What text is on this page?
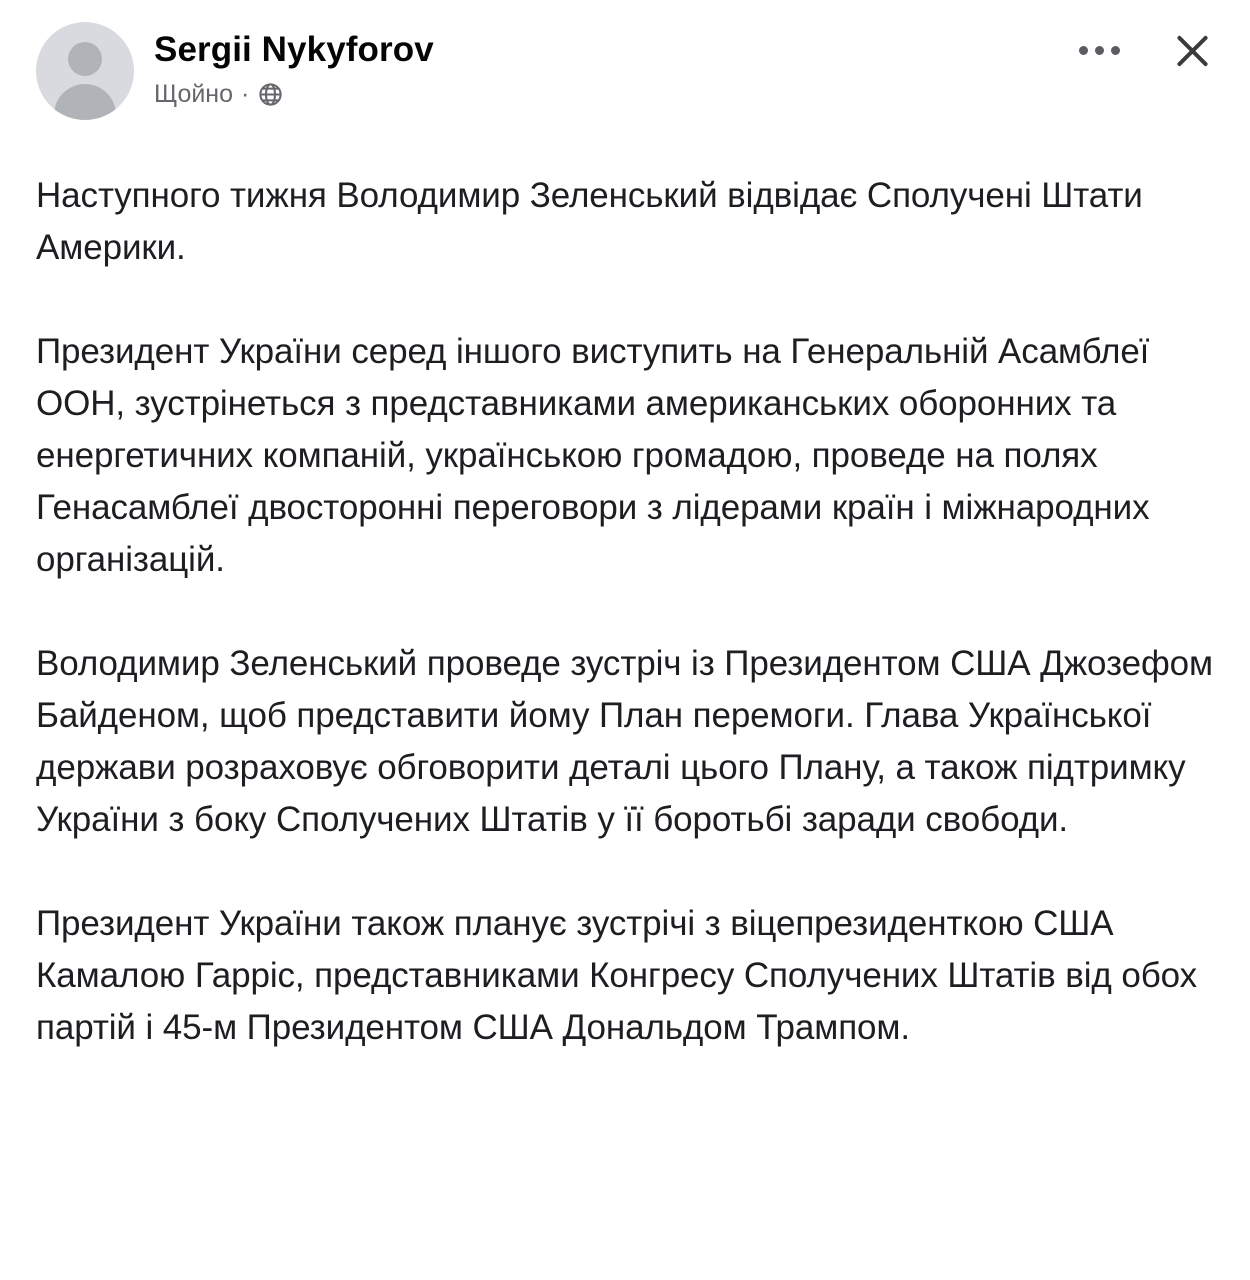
Sergii Nykyforov
Щойно ·

Наступного тижня Володимир Зеленський відвідає Сполучені Штати Америки.

Президент України серед іншого виступить на Генеральній Асамблеї ООН, зустрінеться з представниками американських оборонних та енергетичних компаній, українською громадою, проведе на полях Генасамблеї двосторонні переговори з лідерами країн і міжнародних організацій.

Володимир Зеленський проведе зустріч із Президентом США Джозефом Байденом, щоб представити йому План перемоги. Глава Української держави розраховує обговорити деталі цього Плану, а також підтримку України з боку Сполучених Штатів у її боротьбі заради свободи.

Президент України також планує зустрічі з віцепрезиденткою США Камалою Гарріс, представниками Конгресу Сполучених Штатів від обох партій і 45-м Президентом США Дональдом Трампом.
